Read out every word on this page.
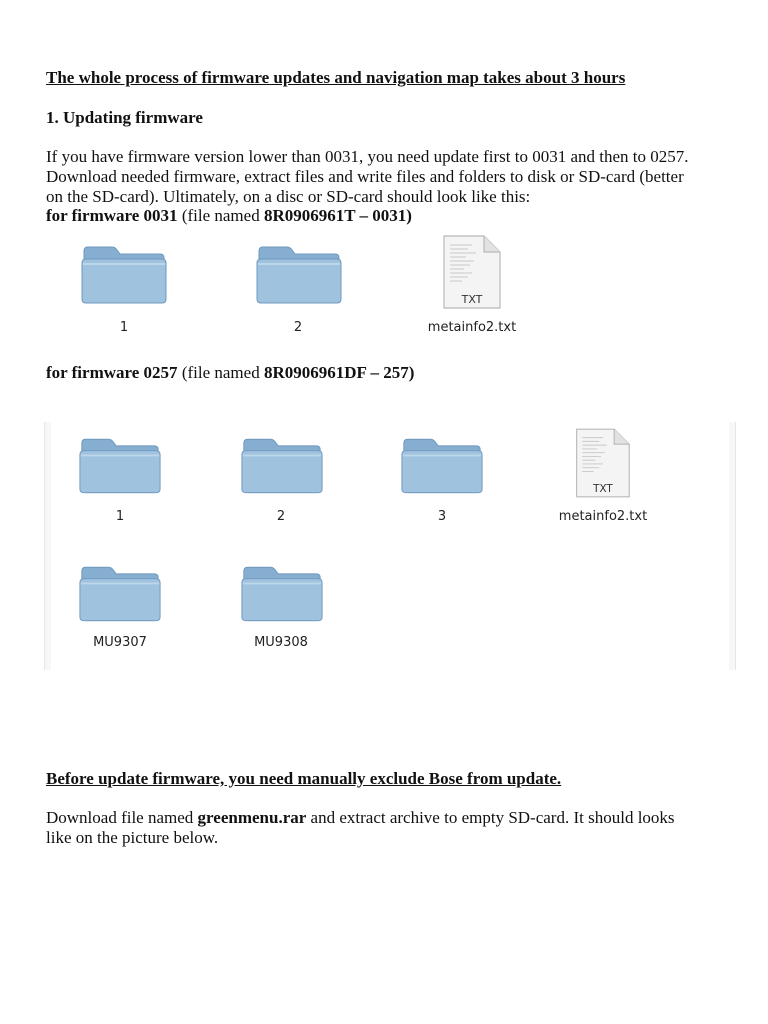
The whole process of firmware updates and navigation map takes about 3 hours
1. Updating firmware
If you have firmware version lower than 0031, you need update first to 0031 and then to 0257.
Download needed firmware, extract files and write files and folders to disk or SD-card (better
on the SD-card). Ultimately, on a disc or SD-card should look like this:
for firmware 0031 (file named 8R0906961T – 0031)
1	2
TXT
metainfo2.txt
for firmware 0257 (file named 8R0906961DF – 257)
1	2	3
TXT
metainfo2.txt
MU9307	MU9308
Before update firmware, you need manually exclude Bose from update.
Download file named greenmenu.rar and extract archive to empty SD-card. It should looks
like on the picture below.
